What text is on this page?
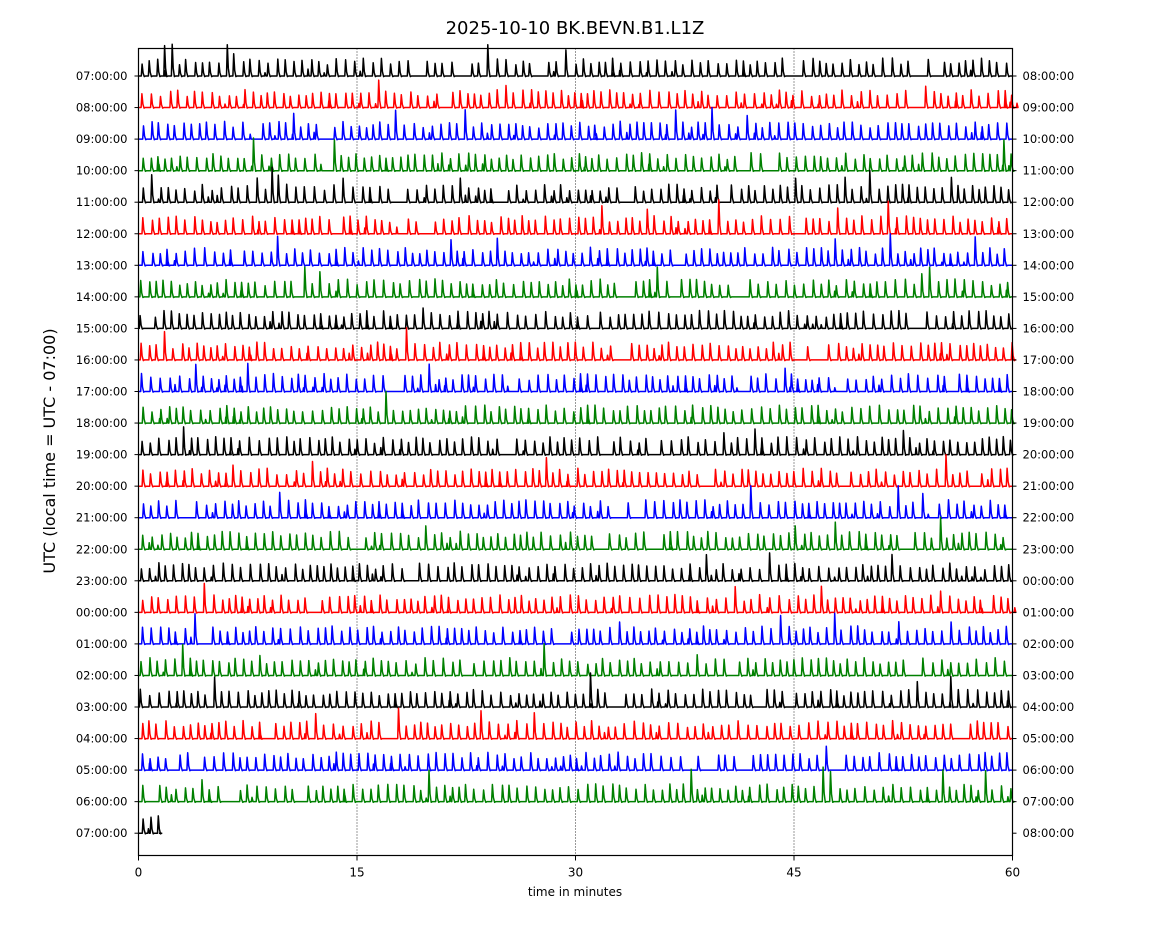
2025-10-10 BK.BEVN.B1.L1Z
UTC (local time = UTC - 07:00)
time in minutes
0	15	30	45	60
07:00:00
08:00:00
09:00:00
10:00:00
11:00:00
12:00:00
13:00:00
14:00:00
15:00:00
16:00:00
17:00:00
18:00:00
19:00:00
20:00:00
21:00:00
22:00:00
23:00:00
00:00:00
01:00:00
02:00:00
03:00:00
04:00:00
05:00:00
06:00:00
07:00:00
08:00:00
09:00:00
10:00:00
11:00:00
12:00:00
13:00:00
14:00:00
15:00:00
16:00:00
17:00:00
18:00:00
19:00:00
20:00:00
21:00:00
22:00:00
23:00:00
00:00:00
01:00:00
02:00:00
03:00:00
04:00:00
05:00:00
06:00:00
07:00:00
08:00:00
